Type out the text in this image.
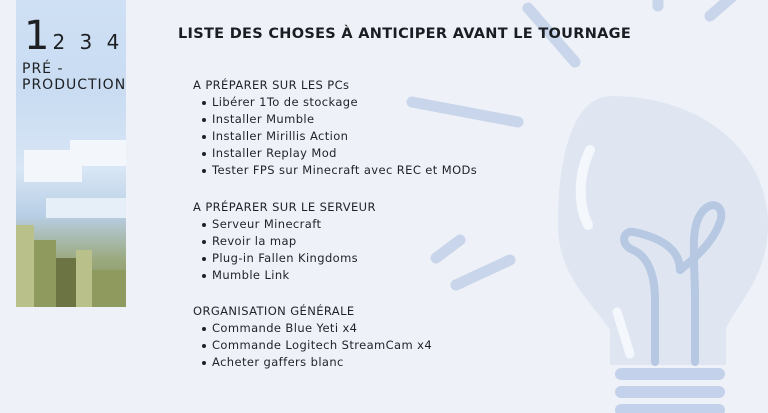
1 2 3 4
PRÉ - PRODUCTION
LISTE DES CHOSES À ANTICIPER AVANT LE TOURNAGE

A PRÉPARER SUR LES PCs

Libérer 1To de stockage
Installer Mumble
Installer Mirillis Action
Installer Replay Mod
Tester FPS sur Minecraft avec REC et MODs

A PRÉPARER SUR LE SERVEUR

Serveur Minecraft
Revoir la map
Plug-in Fallen Kingdoms
Mumble Link

ORGANISATION GÉNÉRALE

Commande Blue Yeti x4
Commande Logitech StreamCam x4
Acheter gaffers blanc
